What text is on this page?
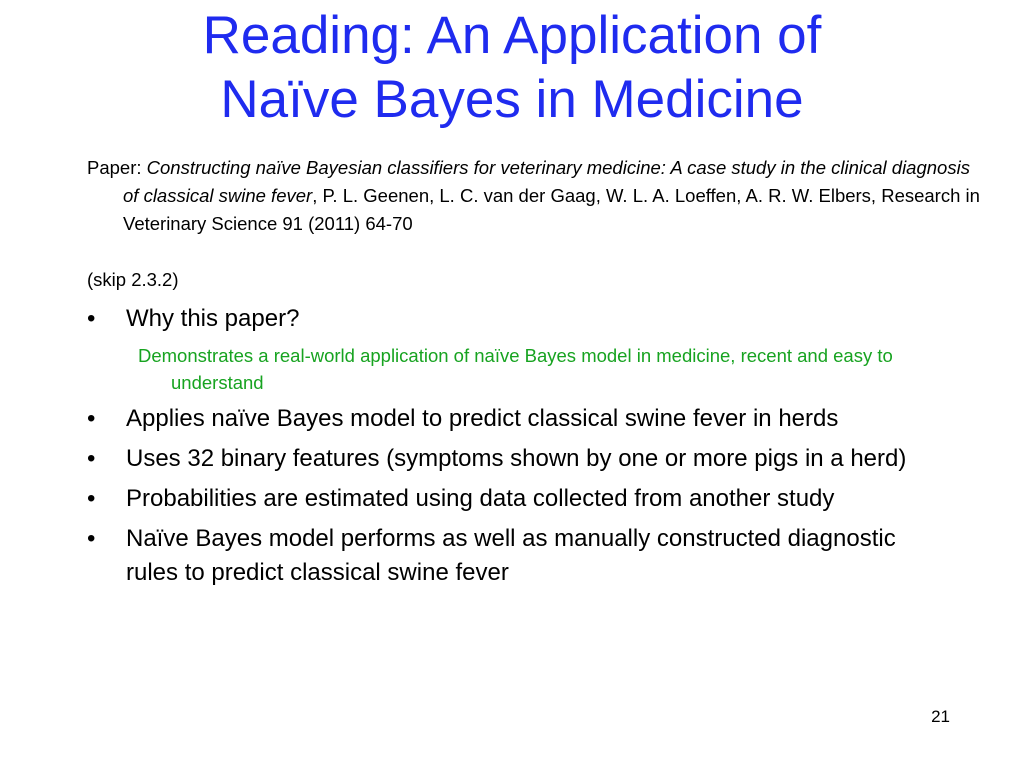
Reading: An Application of
Naïve Bayes in Medicine
Paper: Constructing naïve Bayesian classifiers for veterinary medicine: A case study in the clinical diagnosis of classical swine fever, P. L. Geenen, L. C. van der Gaag, W. L. A. Loeffen, A. R. W. Elbers, Research in Veterinary Science 91 (2011) 64-70
(skip 2.3.2)
•	Why this paper?
Demonstrates a real-world application of naïve Bayes model in medicine, recent and easy to understand
•	Applies naïve Bayes model to predict classical swine fever in herds
•	Uses 32 binary features (symptoms shown by one or more pigs in a herd)
•	Probabilities are estimated using data collected from another study
•	Naïve Bayes model performs as well as manually constructed diagnostic rules to predict classical swine fever
21
